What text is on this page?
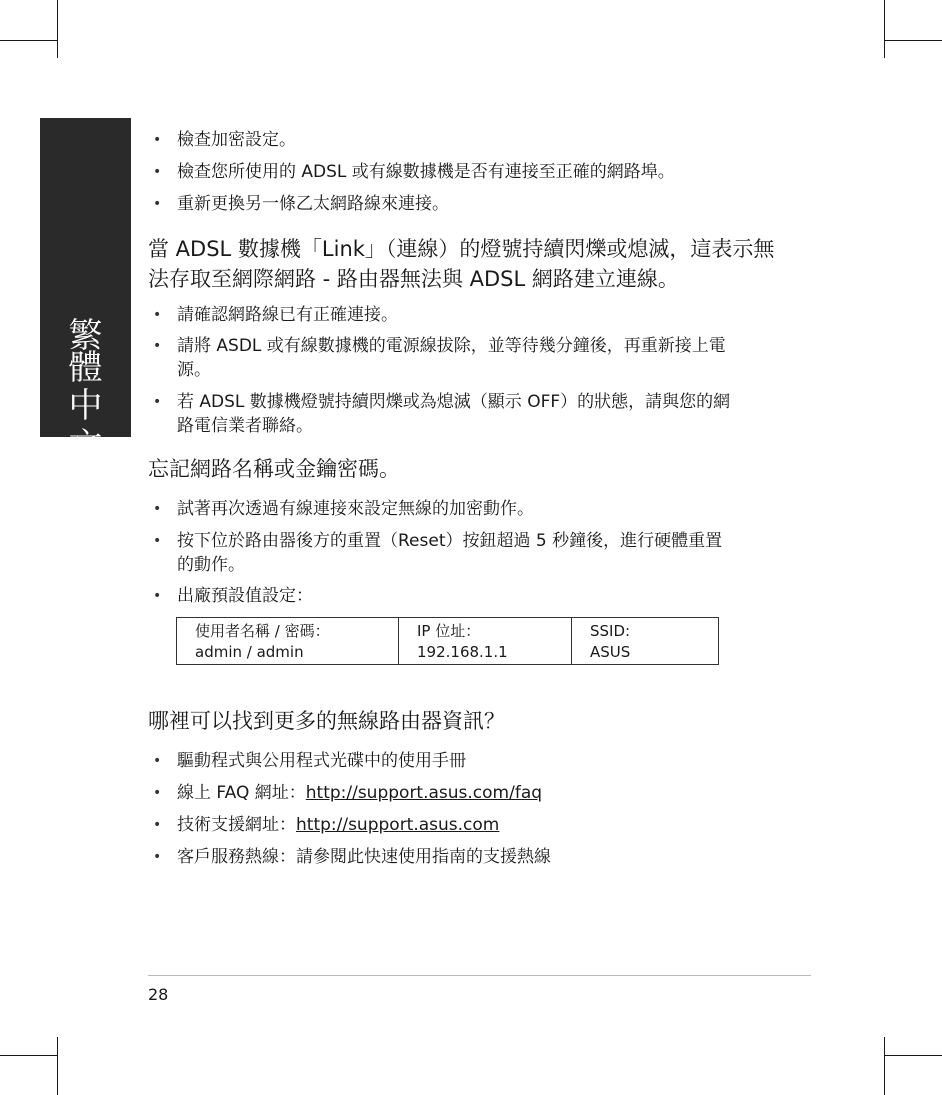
繁
體
中
文
• 檢查加密設定。
• 檢查您所使用的 ADSL 或有線數據機是否有連接至正確的網路埠。
• 重新更換另一條乙太網路線來連接。
當 ADSL 數據機「Link」（連線）的燈號持續閃爍或熄滅，這表示無
法存取至網際網路 - 路由器無法與 ADSL 網路建立連線。
• 請確認網路線已有正確連接。
• 請將 ASDL 或有線數據機的電源線拔除，並等待幾分鐘後，再重新接上電
源。
• 若 ADSL 數據機燈號持續閃爍或為熄滅（顯示 OFF）的狀態，請與您的網
路電信業者聯絡。
忘記網路名稱或金鑰密碼。
• 試著再次透過有線連接來設定無線的加密動作。
• 按下位於路由器後方的重置（Reset）按鈕超過 5 秒鐘後，進行硬體重置
的動作。
• 出廠預設值設定：
使用者名稱 / 密碼：
admin / admin

IP 位址：
192.168.1.1

SSID:
ASUS
哪裡可以找到更多的無線路由器資訊？
• 驅動程式與公用程式光碟中的使用手冊
• 線上 FAQ 網址：http://support.asus.com/faq
• 技術支援網址：http://support.asus.com
• 客戶服務熱線：請參閱此快速使用指南的支援熱線
28
